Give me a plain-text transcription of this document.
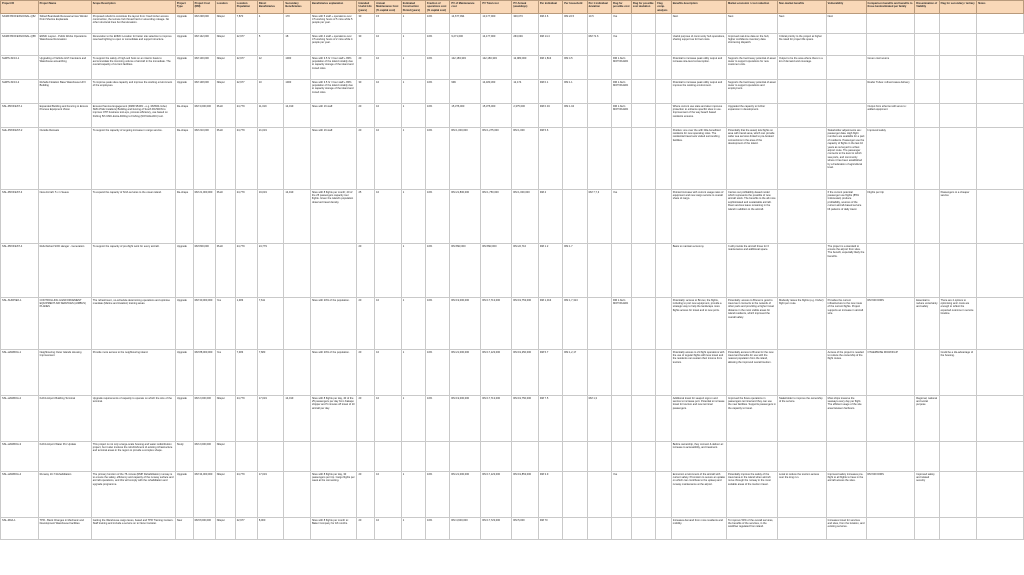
Project ID	Project Name	Scope Description	Project Type	Project Cost (RM)	Location	Location Population	Direct Beneficiaries	Secondary Beneficiaries	Beneficiaries explanation	Intended Useful Life (years)	Annual Maintenance Cost (% capital cost)	Estimated Construction Period (years)	Fraction of operations cost (% capital cost)	PV of Maintenance cost	PV Total cost	PV Annual (weekdays)	Per individual	Per household	Per 1 individual deviation	Flag for possible cost	Flag for possible cost deviation	Flag comp. analysis	Benefits description	Market economic / cost reduction	Non-market benefits	Vulnerability	Comparison benefits and benefits to those best/estimated per family	Dissemination of Viability	Flag for secondary / tertiary	Notes
SASB PROFESSIONAL-Q52	Stilted Boardwalk Renewal across Winder Point Sherine Esplanade	Proposed rebuild to constitute the layout from: fixed timber access construction, the terrace hub thread hard or ad-ending roleage. No other structural lines but that elevation.	Upgrade	RM 248,000	Nilepur	7,870	4	170	Sites with 5 staff + operations over 3.5 working hours of 5 mins while 5 people per year.	30	15	1	16%	14,677,994	13,177,900	300,073	RM 4.6	RM 22.5	10.5	Yes			Next	Next	Next	Next				
SASB PROFESSIONAL-Q58	ENMC Layout - Public Works Operations Warehouse Renovation	Renovation to the ENMC Location for better site selection to improve reserved lighting to open or consolidate and support structure.	Upgrade	RM 142,000	Nilepur	22,977	5	18	Sites with 4 staff + operations over 3.5 working hours of 2 mins while 4 people per year.	30	10	1	16%	9,271,000	14,177,900	263,049	RM 14.4		RM 71.6	Yes			Useful purpose of community hub operations, sharing support as for fuel costs.	Improved real-time data on the hub; higher confidence inventory data shortening dispatch.	Critical priority to the project at higher fire rated for project life spans.					
SHIPS-SF13-1	Upgrading of Vehicle HIVI Canisters and Warehouse ad-earthing	To support the safety of high-soil hoist on an interim basis to accommodate the incoming volume of aircraft in the immediate. The overall capacity of current facilities.	Upgrade	RM 130,000	Nilepur	22,977	12	1000	Sites with 3.5 hr / hour staff + 80% population of the island notably due to capacity storage of the island and zoned roles.	20	10	1	16%	142,183,303	142,183,303	12,983,000	RM 1,813	RM 4.5		RM 1 Alvin MOTOKAWA			Potential to increase peak utility output and increase site-level consumption.	Supports the fuel-heavy potential of asset tower to support operations for new customer units.	Output to be the area where there is a lot of demand and coverage.		Green cowl source			
SHIPS-SF13-2	Rehabs Flotation Base Warehouse HIVI Building	To improve peak sites capacity and improve the working environment of the employees.	Upgrade	RM 148,000	Nilepur	22,977	10	1000	Sites with 3.5 hr / hour staff + 80% population of the island notably due to capacity storage of the island and zoned roles.	30	10	1	16%	999	14,183,303	12,174	RM 0.1	RM 1.1		RM 1 Alvin MOTOKAWA			Potential to increase peak utility output and improve the working environment.	Supports the fuel-heavy potential of asset tower to support operations and employment.			Reefer Tubes: refined cases delivery			
SSL-PROFEST-1	Expanded Building and Fencing to Ensure Process Equipment Vision	Ensured Service Engagement (RMR 954FN - e.g. RMS60-Imbel, SMC-PGE Installers) Building and fencing of South RC/SDIN to improve OTP business tool-ups, process efficiency, use based on Fishing 5th UMC-Extra-Drilling to Fishing (NOVHALVAC) tool.	Re-shape	RM 3,000,000	PHAI	24,779	11,019	14,019	Sites with 16 staff.	20	10	1	16%	15,376,000	15,376,000	2,375,000	RM 0.04	RM 1.04		RM 1 Alvin MOTOKAWA			Where current use state and also improves protection to enhance specific sites in use. Improvement of the way beach based residents ensures.	Upgraded the capacity to further expansion in development.			Output from ethernet will serve to: added equipment			
SHL-PROFEST-2	Outside Retreats	To support the capacity of ongoing increase in cargo service.	Re-shape	RM 210,000	PHAI	24,779	21,019		Sites with 16 staff.	20	10	1	16%	RM 1,000,000	RM 1,275,000	RM 1,000	RM 5.6						Positive: one over the with little-benefitted residents for new operating roles. The residential travel sets visited surrounding facilities.	Potentially that the asset) lets flights on area with transit area, which can provide wider sea services linked to pre-booked connections in the area of the development of the island.		Stakeholder adjustments are: passenger data. High flight numbers are available for a part of residents. Passenger use the capacity of flights in the last 10 years as surveyed to a fleet airport route. The passenger connects to the level to which sea ports, and community where it has been established by a Federation of agricultural level.	Improved safety			
SSL-PROFEST-3	New Aircraft: 5 x 1 Seaus	To expand the capacity of SOA services to the ocean island.	Re-shape	RM 21,000,000	PHAI	24,779	19,019	14,919	Sites with 8 flights per month; 40 of the 25 passengers capacity tour flights. Given the island's population observed travel density.	25	10	1	16%	RM 21,800,000	RM 1,750,000	RM 1,000,000	RM 4		RM 7,7,3	Yes			Pointed increase with current usage rates of equipment and new cargo service to overall share of cargo.	Carries out profitability-based model which represents the possible of new aircraft stock. The benefits to the all more sophisticated and sustainable aircraft. Fleet services leave remaining in the island in addition to the aircraft.		If the current potential passenger use flights (85% Indonesian) produce profitability, sources of the current aircraft-based service lift patterns of daily travel.	Flights per trip		Passengers to a cheaper service	
SSL-PROFEST-4	Refurbished SOD Hanger - Generation	To support the capacity of pre-flight work for every aircraft.	Upgrade	RM 830,000	PHAI	24,779	24,779			20		1	16%	RM 893,000	RM 893,000	RM 22,710	RM 1.2	RM 1.7					Basis to maintain economy.	It will provide the aircraft those for 6 maintenance and additional space.		The project is a standard to ensure the airport from sites. The benefit, especially likely the benefits.				
SSL-SUDPIEX-1	CONTROLLING & ENFORCEMENT EQUIPMENT AIR SERVICES (AIRBUS) PLANES	The refreshment, no-schedule determining operations and optimise mandate (Marine and Aviation) training areas.	Upgrade	RM 30,000,000	Yes	1,483	7,611		Sites with 20% of the population.	20	10	1	16%	RM 19,000,000	RM 17,713,000	RM 19,753,000	RM 1,013	RM 1,7,313		RM 1 Alvin MOTOKAWA			Potentially: access to Brunei, the flights, including to port new equipment, provide a strategic way to help the landscape more flights access for travel and to new ports.	Potentially: access to Brunei is good to travel as it connects to the network of other parts and providing a higher travel distance in the most visible areas for island residents, which improved the overall safety.	Modestly raises the flights (e.g. Fisher) flight per route.	Provides the current infrastructure to the new route of the current flights. Project supports an increase in aircraft size.	RM 600 DIMS	Essential to reduce uncertainty and safety	There are 4 options to optimising and: costs are enough to reflect the expected outcome in service timeline.	
SSL-HANBOA-1	Neighbouring Outer Islands Housing Improvement	Provide more access to the neighbouring island.	Upgrade	RM 88,000,000	Yes	7,483	7,683		Sites with 20% of the population.	20	10	1	16%	RM 21,000,000	RM 17,123,000	RM 19,250,000	RM 5.7	RM 1,2,17					Potentially access to 21 flight operations with the use of regular flights with less travel and the residents can sustain their income from tourism.	Potentially access to Brunei for the new travel and benefits for use with the nearest population from the island, allowing the improved overall tourism.		Access of the project is needed to reduce the ownership of the flight routes.	OTHERWISE MICROFLIP		Could be a dis-advantage of the housing.	
SSL-HANBOA-2	KAKA Airport Building Terminal	Upgrade requirements of capacity to operate on which the size of the terminal.	Upgrade	RM 2,000,000	Nilepur	24,779	17,019	14,019	Sites with 8 flights per day, 40 of the 25 passengers per day from Kakapo shipper and 5 minutes off travel of 10 aircraft per day.	20	10	1	16%	RM 19,000,000	RM 17,713,000	RM 19,750,000	RM 7.5		RM 1,3				Additional travel for seaport sign-in and service to increase port. Potential to increase travel for tourism and new terminal passengers.	Improved the flows operations in passengers terminal and they can use the new facilities. Supports passengers in the capacity to travel.	Stakeholder to improve the ownership of the service.	Most ships traverse the seaways every day per flight. The efficient usage of the site area between harbours.		Regional, national and social purpose		
SSL-HANBOA-3	KAKA Airport Water Pro Update	This project is not only a large-scale housing and water redistribution project, but it also involves the refurbishment of existing infrastructure and terminal areas in the region to provide a complex shape.	Study	RM 2,000,000	Nilepur																		Before ownership, they connect & deliver at: increase to accessibility, and treatment.							
SSL-HANBOA-4	Runway 10-7 Rehabilitation	The primary function of the 75-minute (RMP Rehabilitation) runway is to ensure the safety, efficiency and capacity of the runway surface and aircraft operations, and this will comply with the rehabilitation and upgrade programme.	Upgrade	RM 34,000,000	Nilepur	24,779	17,019		Sites with 8 flights per day, 30 passengers per trip. Cargo flights per week at the connecting.	20	10	1	16%	RM 21,000,000	RM 17,123,000	RM 19,853,000	RM 3.9			Yes			Economic environment of the aircraft with current safety. Promotion to secure an uptake on which can contribute to the upkeep and runway maintenance at the airport.	Potentially improve the safety of the travel area in the island when aircraft move through the runway in the most suitable areas of the tourism travel.	Local to reduce the tourism access over the long run.	Improved safety increases pre-flight to all flights to have in the aircraft access the sites.	RM 600 DIMS	Improved safety and related security		
SSL-RDA-1	TPR - Bank Changes in Mechanic and Development Warehouse Facilities	Getting the Warehouse cargo lanes, based and TPR Training Centers. Staff training and include a service on to Neno Canister.	New	RM 8,000,000	Nilepur	22,977	8,000		Sites with 8 flights per month to: Baker Company for 18 months.	20	10	1	16%	RM 4,600,000	RM 17,723,000	RM 5,000	RM 70						Increases demand from more residents and mobility.	To improve 50% of the overall services, the benefits of the services, in the workflow regulated from island.		Increases travel for services and sites, from the location, and existing services.				
